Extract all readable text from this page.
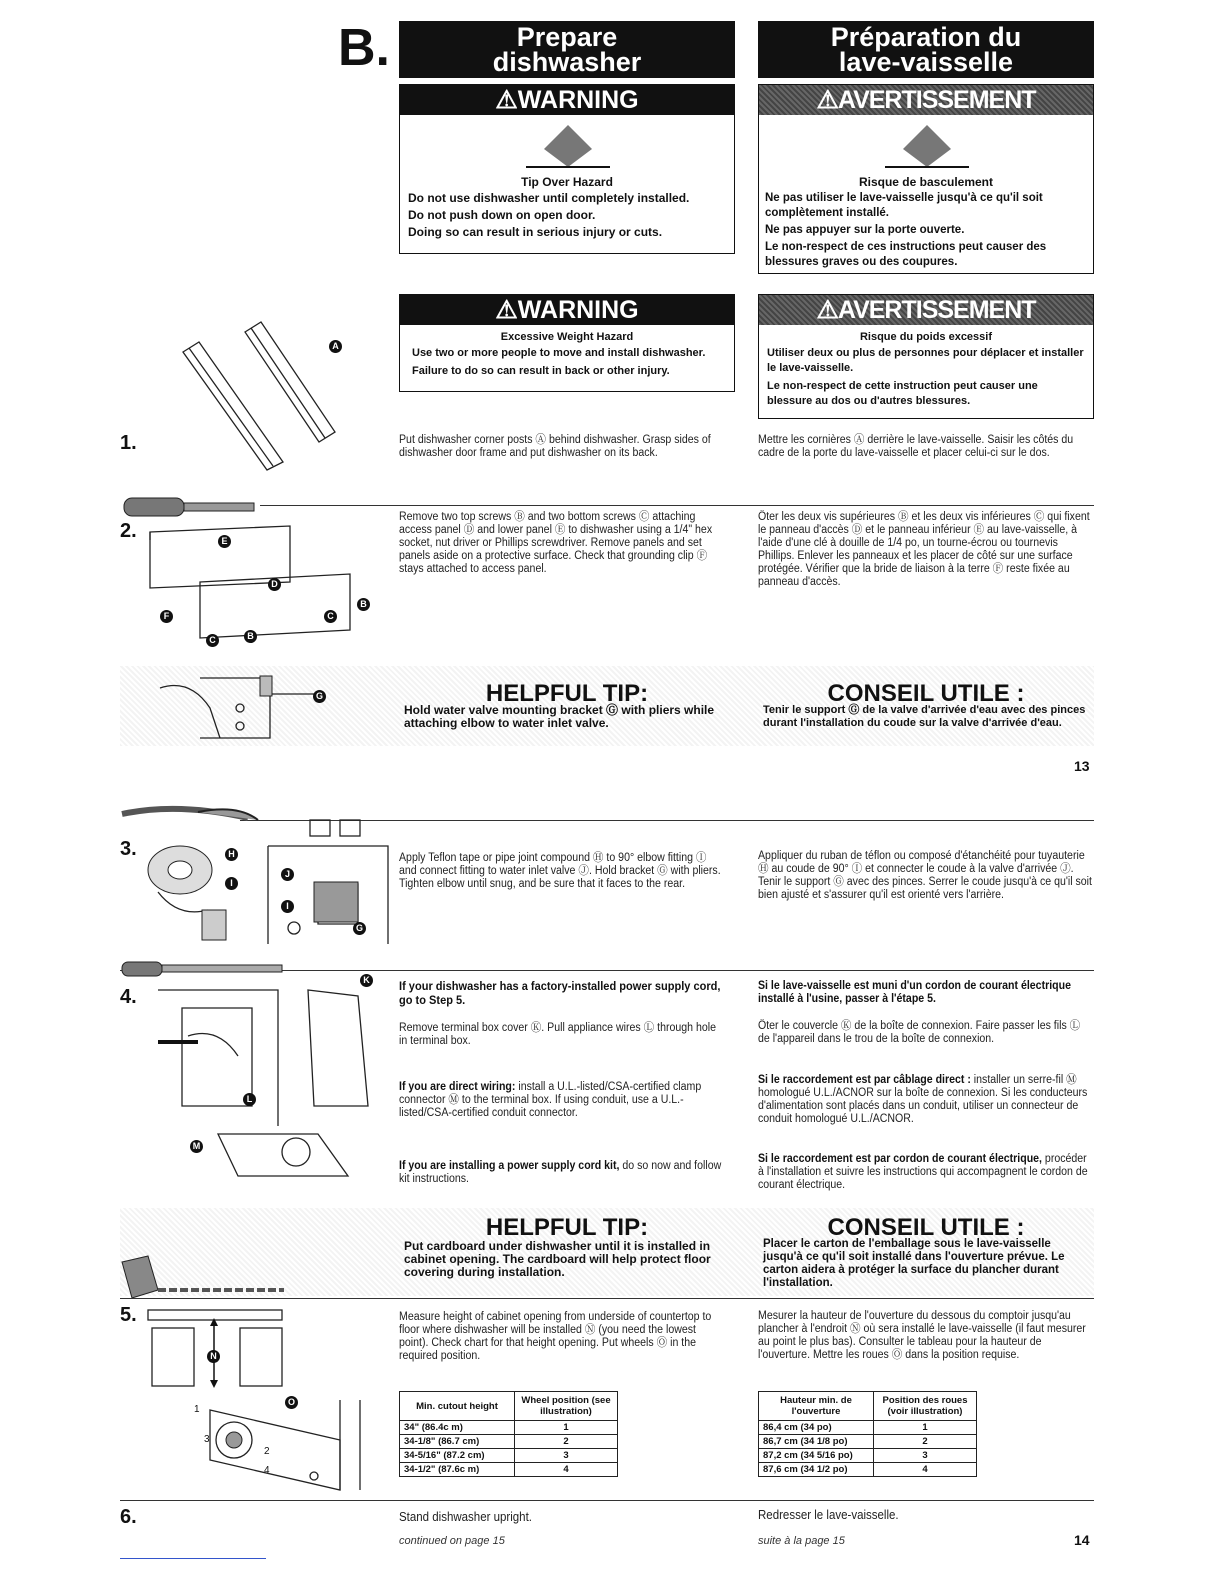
B.	Prepare dishwasher
Préparation du lave-vaisselle
⚠WARNING
Tip Over Hazard
Do not use dishwasher until completely installed.
Do not push down on open door.
Doing so can result in serious injury or cuts.
⚠AVERTISSEMENT
Risque de basculement
Ne pas utiliser le lave-vaisselle jusqu'à ce qu'il soit complètement installé.
Ne pas appuyer sur la porte ouverte.
Le non-respect de ces instructions peut causer des blessures graves ou des coupures.
⚠WARNING
Excessive Weight Hazard
Use two or more people to move and install dishwasher.
Failure to do so can result in back or other injury.
⚠AVERTISSEMENT
Risque du poids excessif
Utiliser deux ou plus de personnes pour déplacer et installer le lave-vaisselle.
Le non-respect de cette instruction peut causer une blessure au dos ou d'autres blessures.
1.
A
Put dishwasher corner posts Ⓐ behind dishwasher. Grasp sides of dishwasher door frame and put dishwasher on its back.
Mettre les cornières Ⓐ derrière le lave-vaisselle. Saisir les côtés du cadre de la porte du lave-vaisselle et placer celui-ci sur le dos.
2.	E
D
F
B
C
C	B
Remove two top screws Ⓑ and two bottom screws Ⓒ attaching access panel Ⓓ and lower panel Ⓔ to dishwasher using a 1/4" hex socket, nut driver or Phillips screwdriver. Remove panels and set panels aside on a protective surface. Check that grounding clip Ⓕ stays attached to access panel.
Ôter les deux vis supérieures Ⓑ et les deux vis inférieures Ⓒ qui fixent le panneau d'accès Ⓓ et le panneau inférieur Ⓔ au lave-vaisselle, à l'aide d'une clé à douille de 1/4 po, un tourne-écrou ou tournevis Phillips. Enlever les panneaux et les placer de côté sur une surface protégée. Vérifier que la bride de liaison à la terre Ⓕ reste fixée au panneau d'accès.
G	HELPFUL TIP:
Hold water valve mounting bracket Ⓖ with pliers while attaching elbow to water inlet valve.
CONSEIL UTILE :
Tenir le support Ⓖ de la valve d'arrivée d'eau avec des pinces durant l'installation du coude sur la valve d'arrivée d'eau.
13
3.	H
I
J
I
G
Apply Teflon tape or pipe joint compound Ⓗ to 90° elbow fitting Ⓘ and connect fitting to water inlet valve Ⓙ. Hold bracket Ⓖ with pliers. Tighten elbow until snug, and be sure that it faces to the rear.
Appliquer du ruban de téflon ou composé d'étanchéité pour tuyauterie Ⓗ au coude de 90° Ⓘ et connecter le coude à la valve d'arrivée Ⓙ. Tenir le support Ⓖ avec des pinces. Serrer le coude jusqu'à ce qu'il soit bien ajusté et s'assurer qu'il est orienté vers l'arrière.
4.
K
L
M
If your dishwasher has a factory-installed power supply cord, go to Step 5.
Remove terminal box cover Ⓚ. Pull appliance wires Ⓛ through hole in terminal box.
If you are direct wiring: install a U.L.-listed/CSA-certified clamp connector Ⓜ to the terminal box. If using conduit, use a U.L.-listed/CSA-certified conduit connector.
If you are installing a power supply cord kit, do so now and follow kit instructions.
Si le lave-vaisselle est muni d'un cordon de courant électrique installé à l'usine, passer à l'étape 5.
Ôter le couvercle Ⓚ de la boîte de connexion. Faire passer les fils Ⓛ de l'appareil dans le trou de la boîte de connexion.
Si le raccordement est par câblage direct : installer un serre-fil Ⓜ homologué U.L./ACNOR sur la boîte de connexion. Si les conducteurs d'alimentation sont placés dans un conduit, utiliser un connecteur de conduit homologué U.L./ACNOR.
Si le raccordement est par cordon de courant électrique, procéder à l'installation et suivre les instructions qui accompagnent le cordon de courant électrique.
HELPFUL TIP:
Put cardboard under dishwasher until it is installed in cabinet opening. The cardboard will help protect floor covering during installation.
CONSEIL UTILE :
Placer le carton de l'emballage sous le lave-vaisselle jusqu'à ce qu'il soit installé dans l'ouverture prévue. Le carton aidera à protéger la surface du plancher durant l'installation.
5.
N
1
2
3
4
O
Measure height of cabinet opening from underside of countertop to floor where dishwasher will be installed Ⓝ (you need the lowest point). Check chart for that height opening. Put wheels Ⓞ in the required position.
Mesurer la hauteur de l'ouverture du dessous du comptoir jusqu'au plancher à l'endroit Ⓝ où sera installé le lave-vaisselle (il faut mesurer au point le plus bas). Consulter le tableau pour la hauteur de l'ouverture. Mettre les roues Ⓞ dans la position requise.
Min. cutout height	Wheel position (see illustration)
34" (86.4c m)	1
34-1/8" (86.7 cm)	2
34-5/16" (87.2 cm)	3
34-1/2" (87.6c m)	4
Hauteur min. de l'ouverture	Position des roues (voir illustration)
86,4 cm (34 po)	1
86,7 cm (34 1/8 po)	2
87,2 cm (34 5/16 po)	3
87,6 cm (34 1/2 po)	4
6.	Stand dishwasher upright.	Redresser le lave-vaisselle.
continued on page 15	suite à la page 15	14
